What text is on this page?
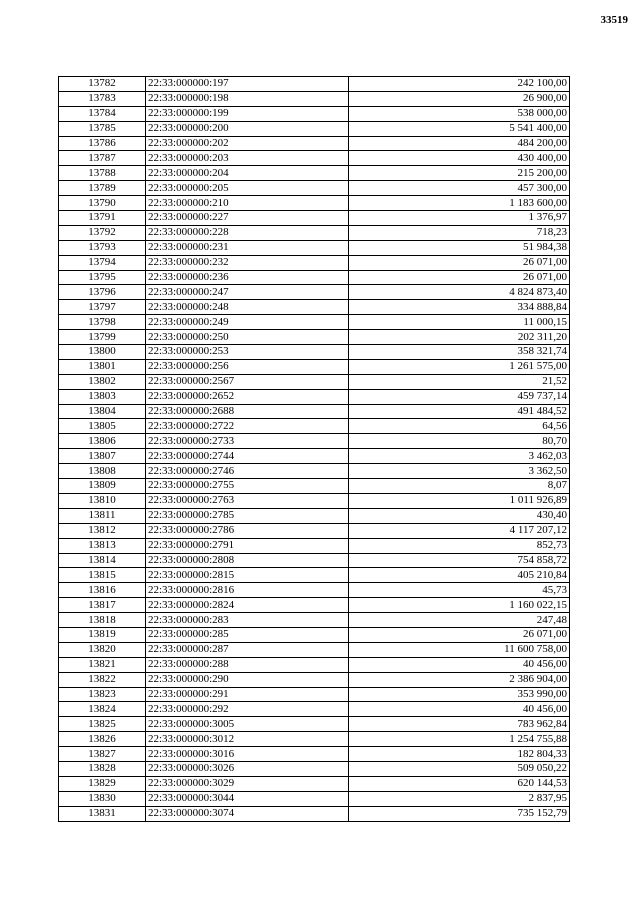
33519
13782	22:33:000000:197	242 100,00
13783	22:33:000000:198	26 900,00
13784	22:33:000000:199	538 000,00
13785	22:33:000000:200	5 541 400,00
13786	22:33:000000:202	484 200,00
13787	22:33:000000:203	430 400,00
13788	22:33:000000:204	215 200,00
13789	22:33:000000:205	457 300,00
13790	22:33:000000:210	1 183 600,00
13791	22:33:000000:227	1 376,97
13792	22:33:000000:228	718,23
13793	22:33:000000:231	51 984,38
13794	22:33:000000:232	26 071,00
13795	22:33:000000:236	26 071,00
13796	22:33:000000:247	4 824 873,40
13797	22:33:000000:248	334 888,84
13798	22:33:000000:249	11 000,15
13799	22:33:000000:250	202 311,20
13800	22:33:000000:253	358 321,74
13801	22:33:000000:256	1 261 575,00
13802	22:33:000000:2567	21,52
13803	22:33:000000:2652	459 737,14
13804	22:33:000000:2688	491 484,52
13805	22:33:000000:2722	64,56
13806	22:33:000000:2733	80,70
13807	22:33:000000:2744	3 462,03
13808	22:33:000000:2746	3 362,50
13809	22:33:000000:2755	8,07
13810	22:33:000000:2763	1 011 926,89
13811	22:33:000000:2785	430,40
13812	22:33:000000:2786	4 117 207,12
13813	22:33:000000:2791	852,73
13814	22:33:000000:2808	754 858,72
13815	22:33:000000:2815	405 210,84
13816	22:33:000000:2816	45,73
13817	22:33:000000:2824	1 160 022,15
13818	22:33:000000:283	247,48
13819	22:33:000000:285	26 071,00
13820	22:33:000000:287	11 600 758,00
13821	22:33:000000:288	40 456,00
13822	22:33:000000:290	2 386 904,00
13823	22:33:000000:291	353 990,00
13824	22:33:000000:292	40 456,00
13825	22:33:000000:3005	783 962,84
13826	22:33:000000:3012	1 254 755,88
13827	22:33:000000:3016	182 804,33
13828	22:33:000000:3026	509 050,22
13829	22:33:000000:3029	620 144,53
13830	22:33:000000:3044	2 837,95
13831	22:33:000000:3074	735 152,79
